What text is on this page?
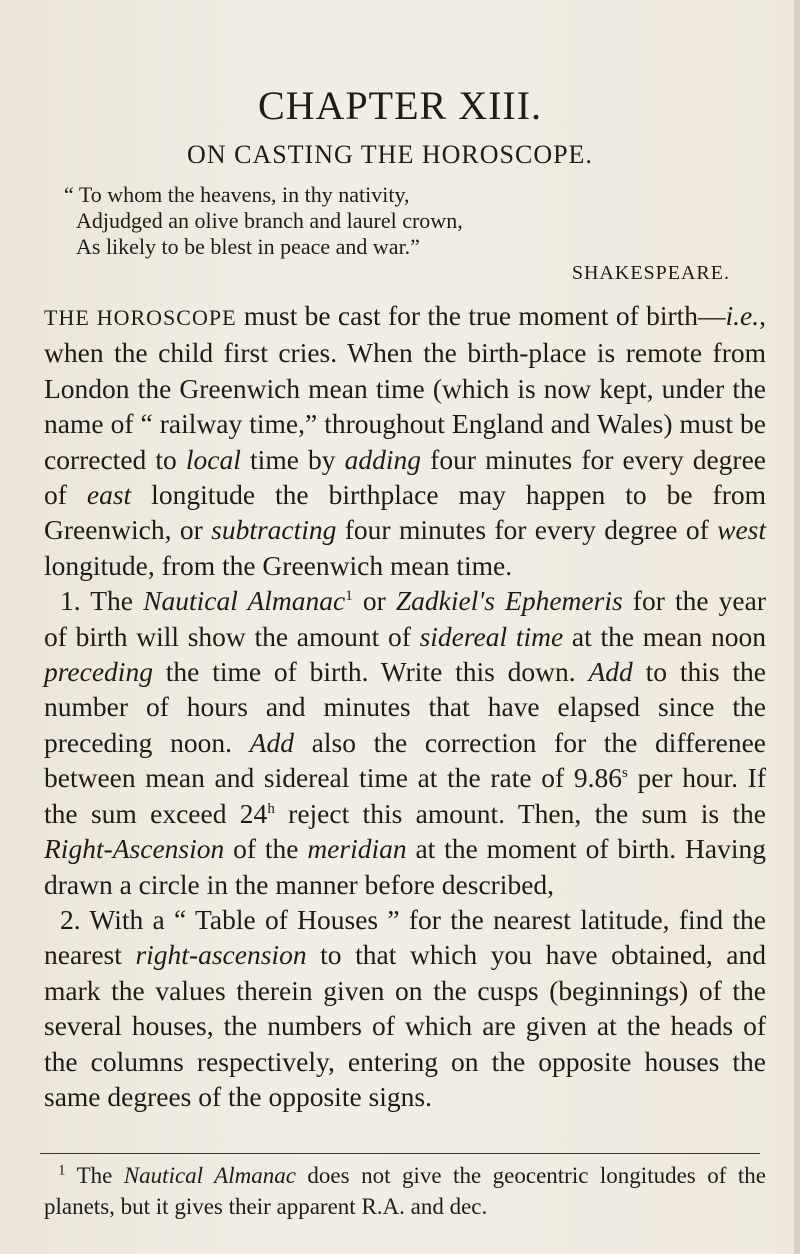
CHAPTER XIII.
ON CASTING THE HOROSCOPE.
“ To whom the heavens, in thy nativity,
Adjudged an olive branch and laurel crown,
As likely to be blest in peace and war.”
SHAKESPEARE.

THE HOROSCOPE must be cast for the true moment of birth—i.e., when the child first cries. When the birth-place is remote from London the Greenwich mean time (which is now kept, under the name of “ railway time,” throughout England and Wales) must be corrected to local time by adding four minutes for every degree of east longitude the birthplace may happen to be from Greenwich, or subtracting four minutes for every degree of west longitude, from the Greenwich mean time.

1. The Nautical Almanac$^1$ or Zadkiel's Ephemeris for the year of birth will show the amount of sidereal time at the mean noon preceding the time of birth. Write this down. Add to this the number of hours and minutes that have elapsed since the preceding noon. Add also the correction for the differenee between mean and sidereal time at the rate of 9.86$^s$ per hour. If the sum exceed 24$^h$ reject this amount. Then, the sum is the Right-Ascension of the meridian at the moment of birth. Having drawn a circle in the manner before described,

2. With a “ Table of Houses ” for the nearest latitude, find the nearest right-ascension to that which you have obtained, and mark the values therein given on the cusps (beginnings) of the several houses, the numbers of which are given at the heads of the columns respectively, entering on the opposite houses the same degrees of the opposite signs.

$^1$ The Nautical Almanac does not give the geocentric longitudes of the planets, but it gives their apparent R.A. and dec.
